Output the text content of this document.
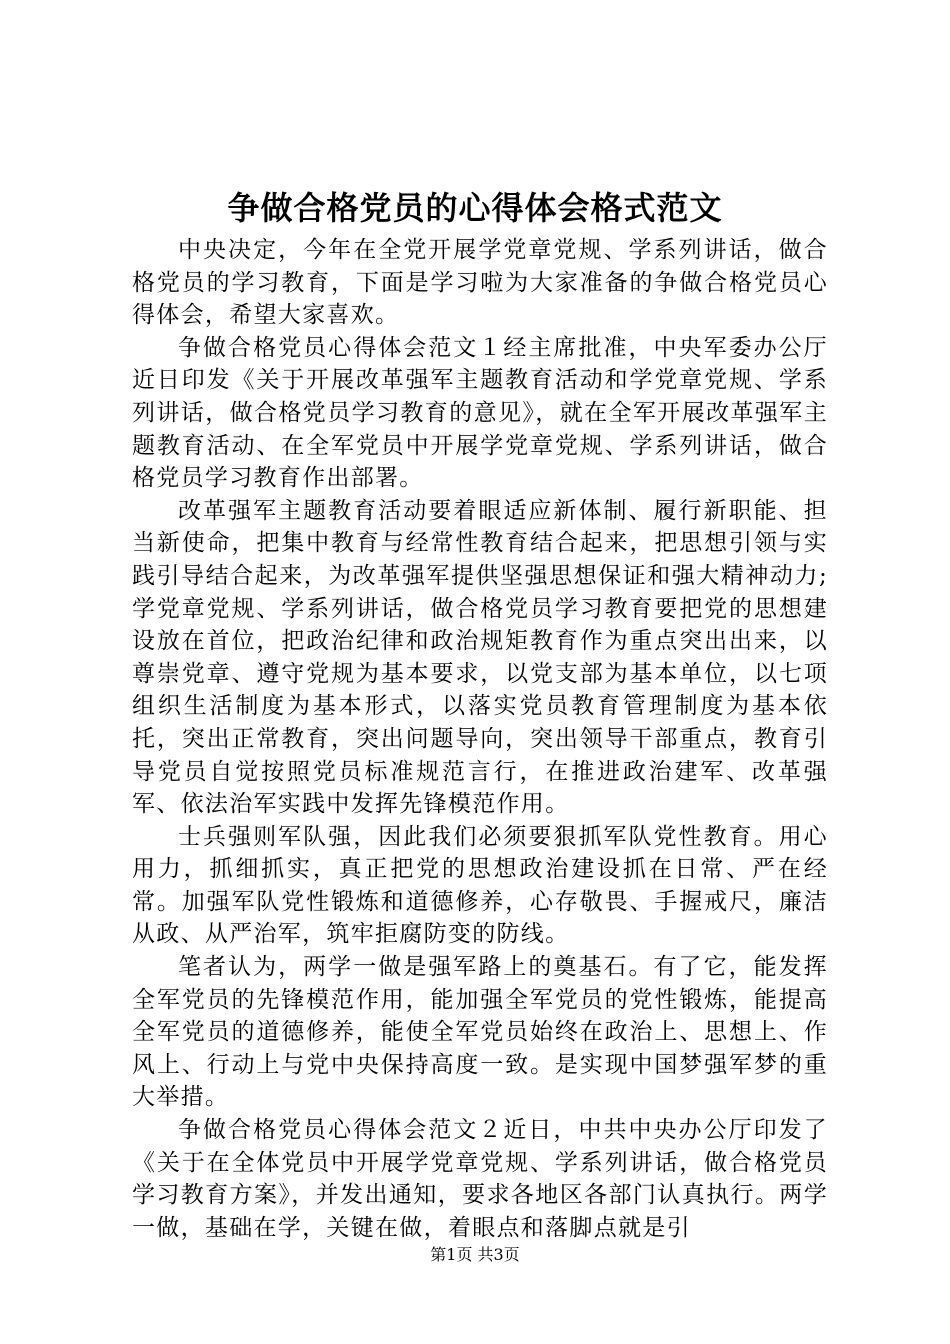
争做合格党员的心得体会格式范文

中央决定，今年在全党开展学党章党规、学系列讲话，做合格党员的学习教育，下面是学习啦为大家准备的争做合格党员心得体会，希望大家喜欢。

争做合格党员心得体会范文１经主席批准，中央军委办公厅近日印发《关于开展改革强军主题教育活动和学党章党规、学系列讲话，做合格党员学习教育的意见》，就在全军开展改革强军主题教育活动、在全军党员中开展学党章党规、学系列讲话，做合格党员学习教育作出部署。

改革强军主题教育活动要着眼适应新体制、履行新职能、担当新使命，把集中教育与经常性教育结合起来，把思想引领与实践引导结合起来，为改革强军提供坚强思想保证和强大精神动力;学党章党规、学系列讲话，做合格党员学习教育要把党的思想建设放在首位，把政治纪律和政治规矩教育作为重点突出出来，以尊崇党章、遵守党规为基本要求，以党支部为基本单位，以七项组织生活制度为基本形式，以落实党员教育管理制度为基本依托，突出正常教育，突出问题导向，突出领导干部重点，教育引导党员自觉按照党员标准规范言行，在推进政治建军、改革强军、依法治军实践中发挥先锋模范作用。

士兵强则军队强，因此我们必须要狠抓军队党性教育。用心用力，抓细抓实，真正把党的思想政治建设抓在日常、严在经常。加强军队党性锻炼和道德修养，心存敬畏、手握戒尺，廉洁从政、从严治军，筑牢拒腐防变的防线。

笔者认为，两学一做是强军路上的奠基石。有了它，能发挥全军党员的先锋模范作用，能加强全军党员的党性锻炼，能提高全军党员的道德修养，能使全军党员始终在政治上、思想上、作风上、行动上与党中央保持高度一致。是实现中国梦强军梦的重大举措。

争做合格党员心得体会范文２近日，中共中央办公厅印发了《关于在全体党员中开展学党章党规、学系列讲话，做合格党员学习教育方案》，并发出通知，要求各地区各部门认真执行。两学一做，基础在学，关键在做，着眼点和落脚点就是引

第1页 共3页
